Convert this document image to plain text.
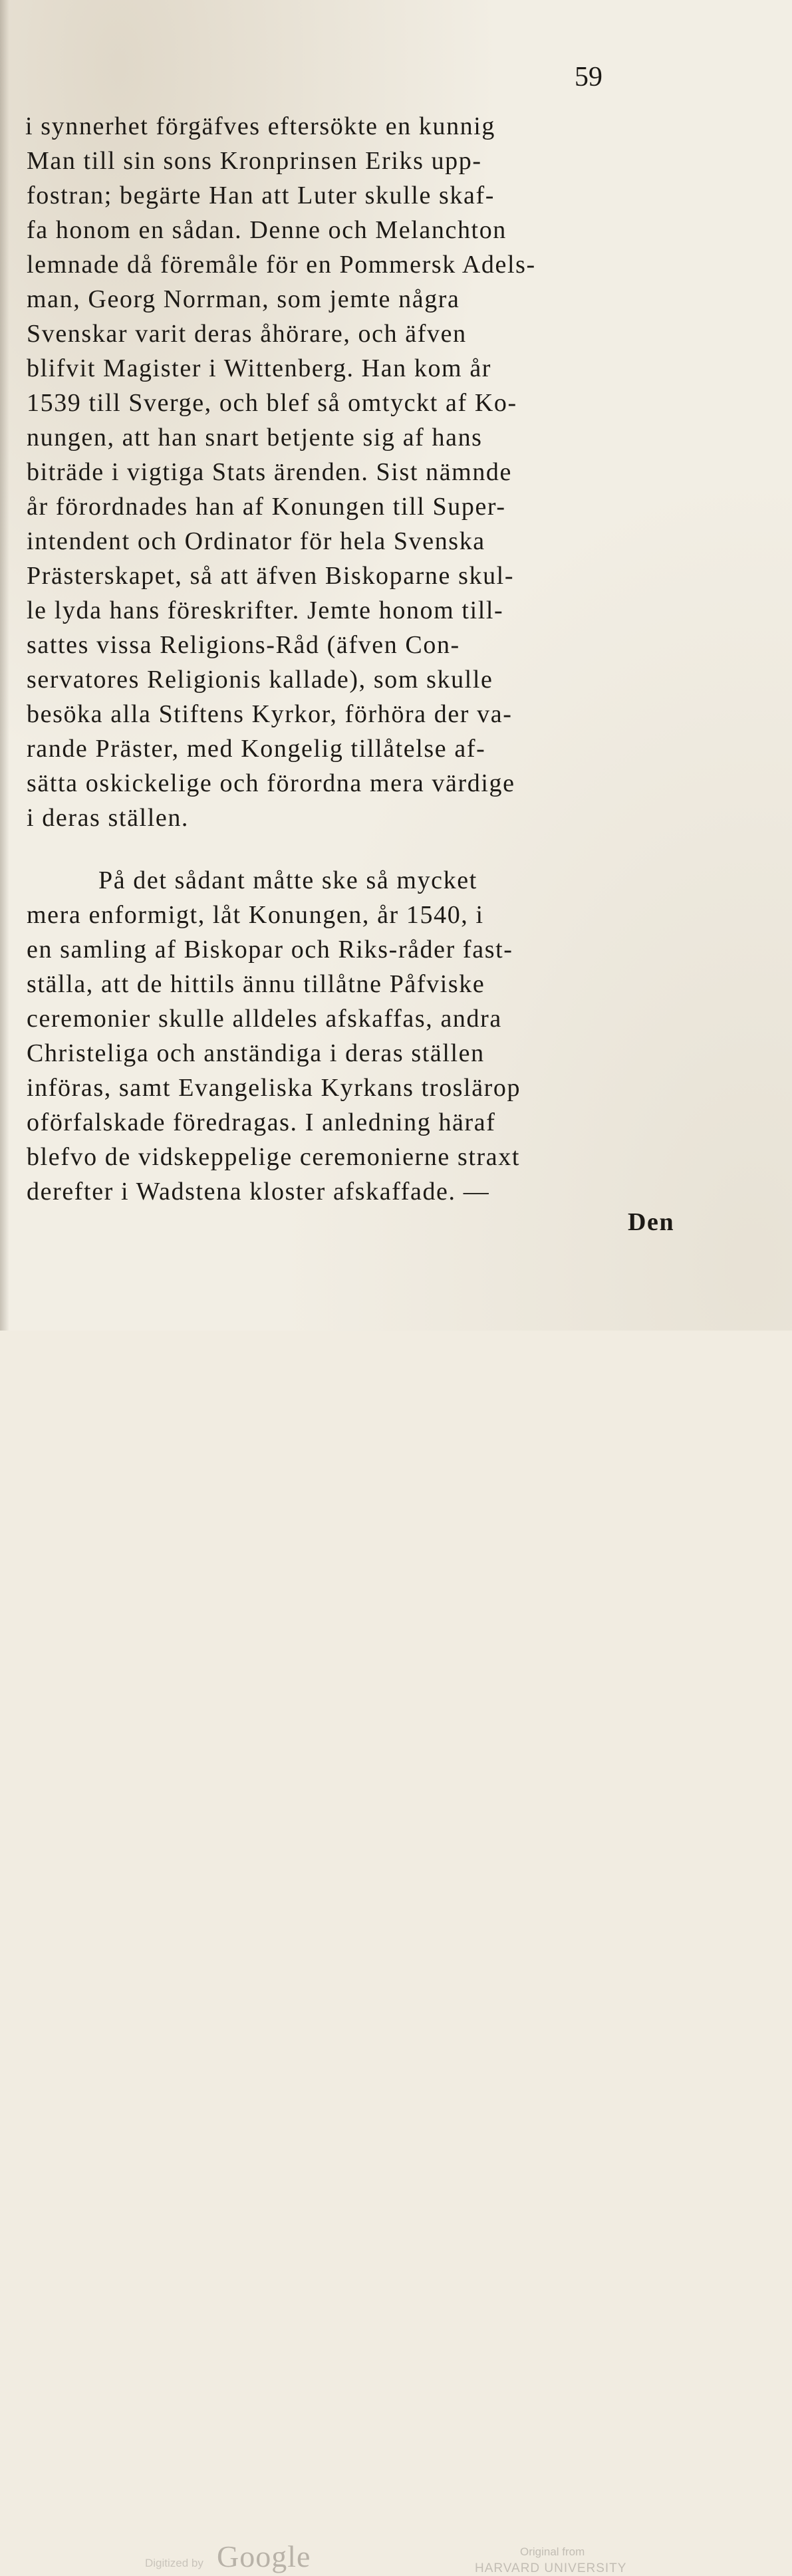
59
i synnerhet förgäfves eftersökte en kunnig
Man till sin sons Kronprinsen Eriks upp-
fostran; begärte Han att Luter skulle skaf-
fa honom en sådan. Denne och Melanchton
lemnade då föremåle för en Pommersk Adels-
man, Georg Norrman, som jemte några
Svenskar varit deras åhörare, och äfven
blifvit Magister i Wittenberg. Han kom år
1539 till Sverge, och blef så omtyckt af Ko-
nungen, att han snart betjente sig af hans
biträde i vigtiga Stats ärenden. Sist nämnde
år förordnades han af Konungen till Super-
intendent och Ordinator för hela Svenska
Prästerskapet, så att äfven Biskoparne skul-
le lyda hans föreskrifter. Jemte honom till-
sattes vissa Religions-Råd (äfven Con-
servatores Religionis kallade), som skulle
besöka alla Stiftens Kyrkor, förhöra der va-
rande Präster, med Kongelig tillåtelse af-
sätta oskickelige och förordna mera värdige
i deras ställen.
På det sådant måtte ske så mycket
mera enformigt, låt Konungen, år 1540, i
en samling af Biskopar och Riks-råder fast-
ställa, att de hittils ännu tillåtne Påfviske
ceremonier skulle alldeles afskaffas, andra
Christeliga och anständiga i deras ställen
införas, samt Evangeliska Kyrkans troslärор
oförfalskade föredragas. I anledning häraf
blefvo de vidskeppelige ceremonierne straxt
derefter i Wadstena kloster afskaffade. —
Den
Digitized by Google	Original from
HARVARD UNIVERSITY
